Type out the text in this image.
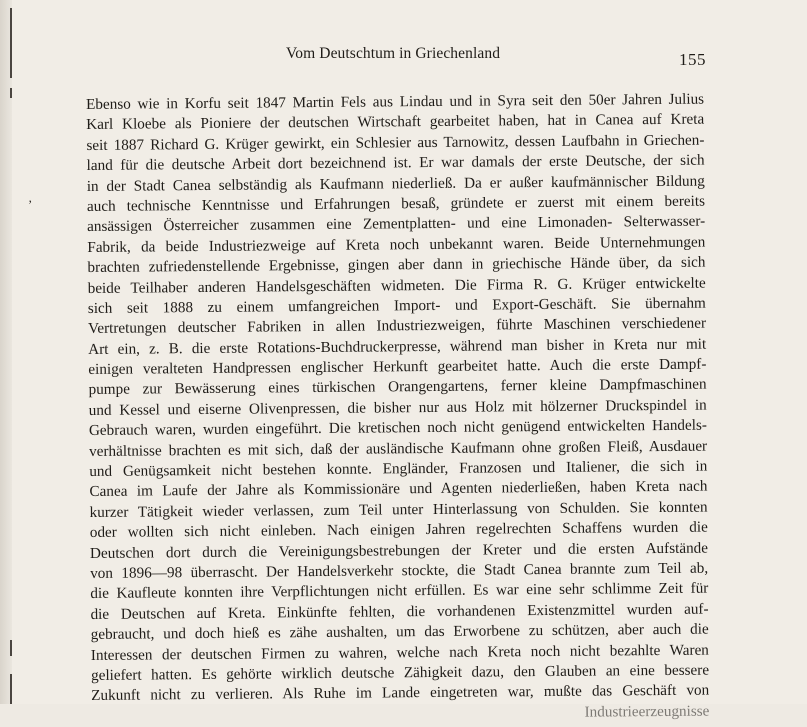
‚
Vom Deutschtum in Griechenland	155
Ebenso wie in Korfu seit 1847 Martin Fels aus Lindau und in Syra seit den 50er Jahren Julius
Karl Kloebe als Pioniere der deutschen Wirtschaft gearbeitet haben, hat in Canea auf Kreta
seit 1887 Richard G. Krüger gewirkt, ein Schlesier aus Tarnowitz, dessen Laufbahn in Griechen-
land für die deutsche Arbeit dort bezeichnend ist. Er war damals der erste Deutsche, der sich
in der Stadt Canea selbständig als Kaufmann niederließ. Da er außer kaufmännischer Bildung
auch technische Kenntnisse und Erfahrungen besaß, gründete er zuerst mit einem bereits
ansässigen Österreicher zusammen eine Zementplatten- und eine Limonaden- Selterwasser-
Fabrik, da beide Industriezweige auf Kreta noch unbekannt waren. Beide Unternehmungen
brachten zufriedenstellende Ergebnisse, gingen aber dann in griechische Hände über, da sich
beide Teilhaber anderen Handelsgeschäften widmeten. Die Firma R. G. Krüger entwickelte
sich seit 1888 zu einem umfangreichen Import- und Export-Geschäft. Sie übernahm
Vertretungen deutscher Fabriken in allen Industriezweigen, führte Maschinen verschiedener
Art ein, z. B. die erste Rotations-Buchdruckerpresse, während man bisher in Kreta nur mit
einigen veralteten Handpressen englischer Herkunft gearbeitet hatte. Auch die erste Dampf-
pumpe zur Bewässerung eines türkischen Orangengartens, ferner kleine Dampfmaschinen
und Kessel und eiserne Olivenpressen, die bisher nur aus Holz mit hölzerner Druckspindel in
Gebrauch waren, wurden eingeführt. Die kretischen noch nicht genügend entwickelten Handels-
verhältnisse brachten es mit sich, daß der ausländische Kaufmann ohne großen Fleiß, Ausdauer
und Genügsamkeit nicht bestehen konnte. Engländer, Franzosen und Italiener, die sich in
Canea im Laufe der Jahre als Kommissionäre und Agenten niederließen, haben Kreta nach
kurzer Tätigkeit wieder verlassen, zum Teil unter Hinterlassung von Schulden. Sie konnten
oder wollten sich nicht einleben. Nach einigen Jahren regelrechten Schaffens wurden die
Deutschen dort durch die Vereinigungsbestrebungen der Kreter und die ersten Aufstände
von 1896—98 überrascht. Der Handelsverkehr stockte, die Stadt Canea brannte zum Teil ab,
die Kaufleute konnten ihre Verpflichtungen nicht erfüllen. Es war eine sehr schlimme Zeit für
die Deutschen auf Kreta. Einkünfte fehlten, die vorhandenen Existenzmittel wurden auf-
gebraucht, und doch hieß es zähe aushalten, um das Erworbene zu schützen, aber auch die
Interessen der deutschen Firmen zu wahren, welche nach Kreta noch nicht bezahlte Waren
geliefert hatten. Es gehörte wirklich deutsche Zähigkeit dazu, den Glauben an eine bessere
Zukunft nicht zu verlieren. Als Ruhe im Lande eingetreten war, mußte das Geschäft von
Industrieerzeugnisse
